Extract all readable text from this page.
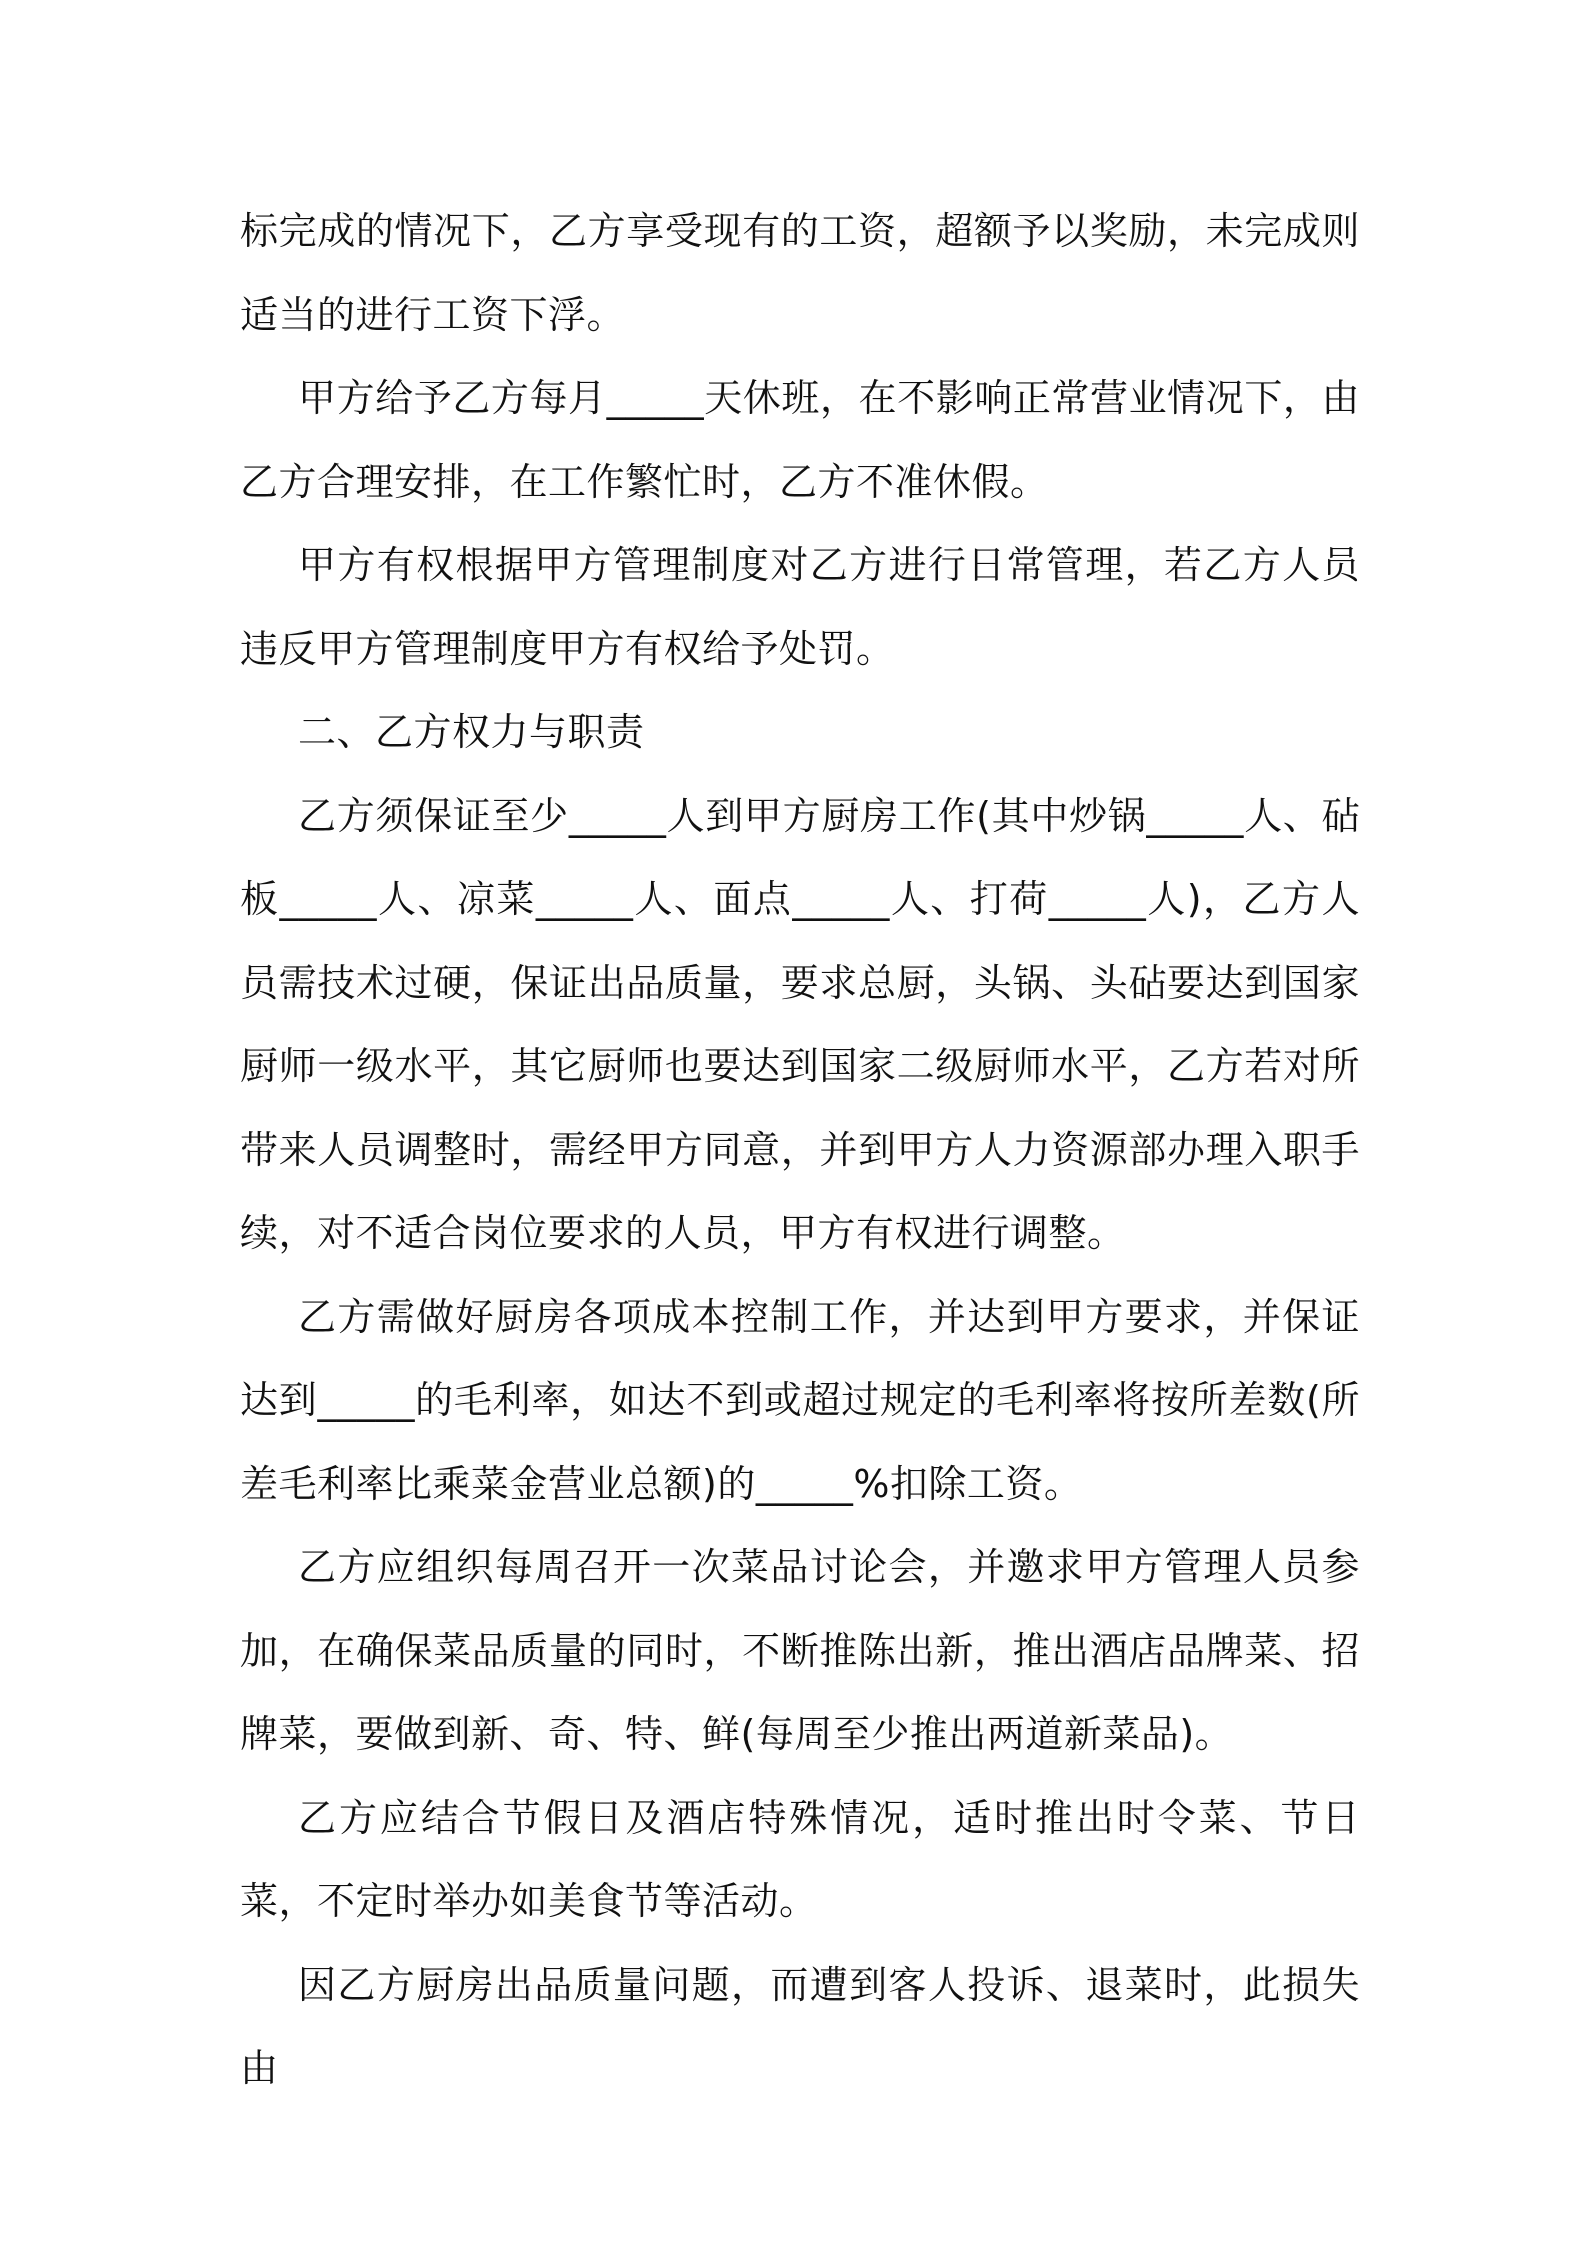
标完成的情况下，乙方享受现有的工资，超额予以奖励，未完成则适当的进行工资下浮。

甲方给予乙方每月_____天休班，在不影响正常营业情况下，由乙方合理安排，在工作繁忙时，乙方不准休假。

甲方有权根据甲方管理制度对乙方进行日常管理，若乙方人员违反甲方管理制度甲方有权给予处罚。

二、乙方权力与职责

乙方须保证至少_____人到甲方厨房工作(其中炒锅_____人、砧板_____人、凉菜_____人、面点_____人、打荷_____人)，乙方人员需技术过硬，保证出品质量，要求总厨，头锅、头砧要达到国家厨师一级水平，其它厨师也要达到国家二级厨师水平，乙方若对所带来人员调整时，需经甲方同意，并到甲方人力资源部办理入职手续，对不适合岗位要求的人员，甲方有权进行调整。

乙方需做好厨房各项成本控制工作，并达到甲方要求，并保证达到_____的毛利率，如达不到或超过规定的毛利率将按所差数(所差毛利率比乘菜金营业总额)的_____%扣除工资。

乙方应组织每周召开一次菜品讨论会，并邀求甲方管理人员参加，在确保菜品质量的同时，不断推陈出新，推出酒店品牌菜、招牌菜，要做到新、奇、特、鲜(每周至少推出两道新菜品)。

乙方应结合节假日及酒店特殊情况，适时推出时令菜、节日菜，不定时举办如美食节等活动。

因乙方厨房出品质量问题，而遭到客人投诉、退菜时，此损失由
